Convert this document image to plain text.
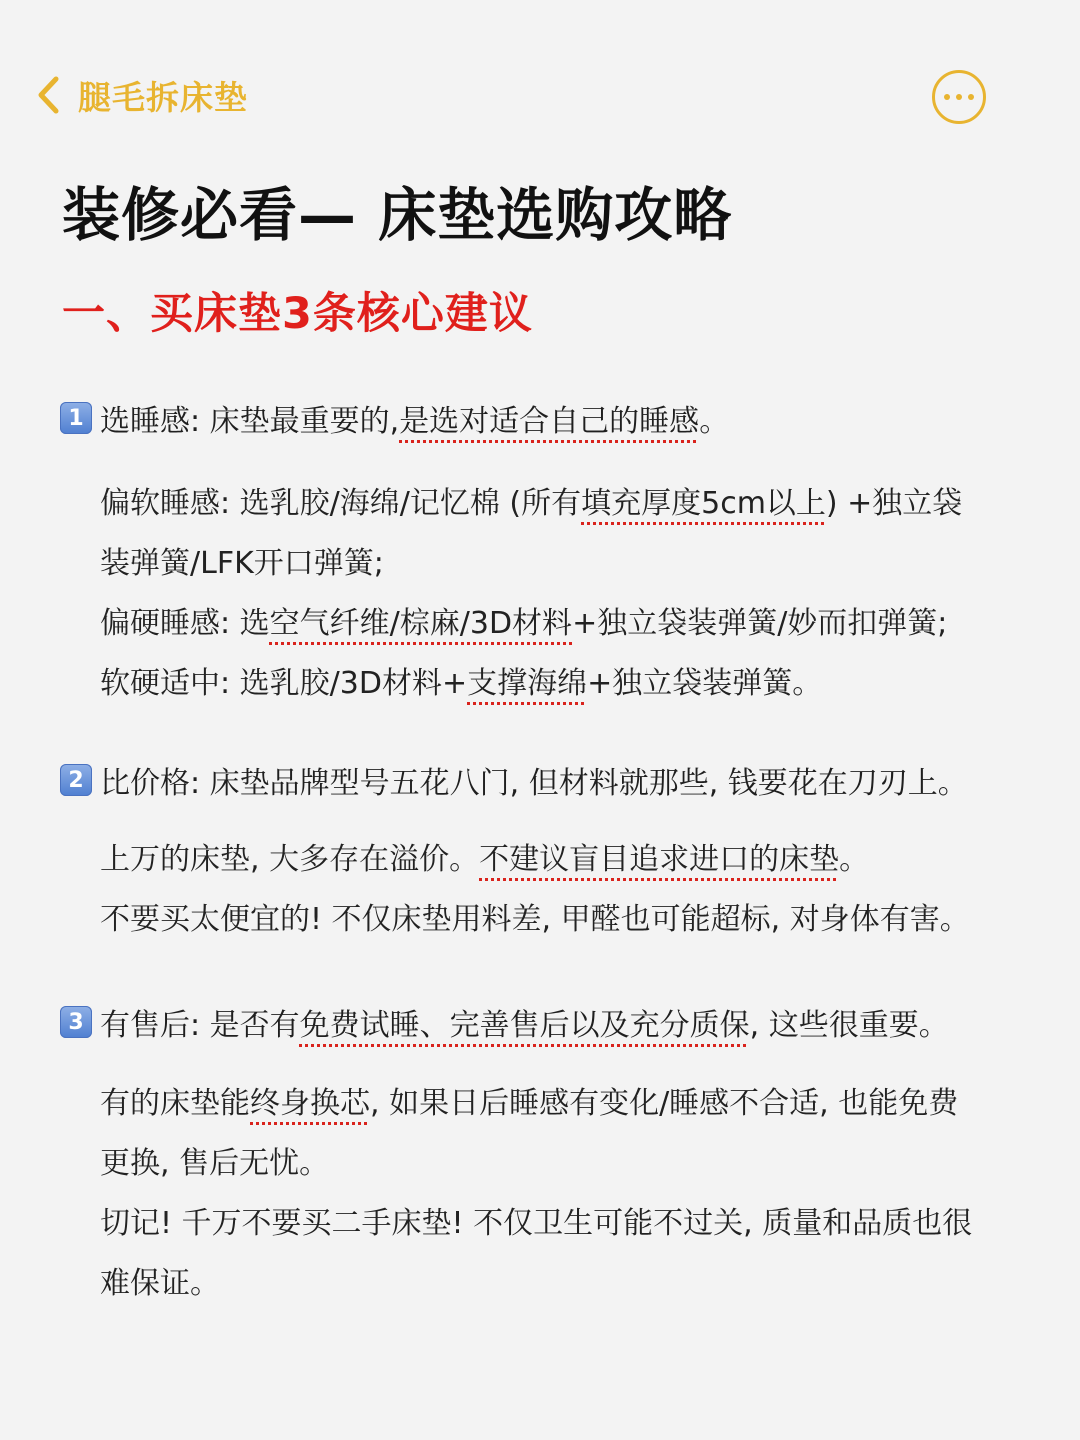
腿毛拆床垫
装修必看— 床垫选购攻略
一、买床垫3条核心建议
1 选睡感: 床垫最重要的, 是选对适合自己的睡感 。
偏软睡感: 选乳胶/海绵/记忆棉 (所有填充厚度5cm以上) +独立袋
装弹簧/LFK开口弹簧;
偏硬睡感: 选空气纤维/棕麻/3D材料+独立袋装弹簧/妙而扣弹簧;
软硬适中: 选乳胶/3D材料+支撑海绵+独立袋装弹簧。
2 比价格: 床垫品牌型号五花八门, 但材料就那些, 钱要花在刀刃上。
上万的床垫, 大多存在溢价。不建议盲目追求进口的床垫。
不要买太便宜的! 不仅床垫用料差, 甲醛也可能超标, 对身体有害。
3 有售后: 是否有 免费试睡、完善售后以及充分质保 , 这些很重要。
有的床垫能终身换芯, 如果日后睡感有变化/睡感不合适, 也能免费
更换, 售后无忧。
切记! 千万不要买二手床垫! 不仅卫生可能不过关, 质量和品质也很
难保证。
